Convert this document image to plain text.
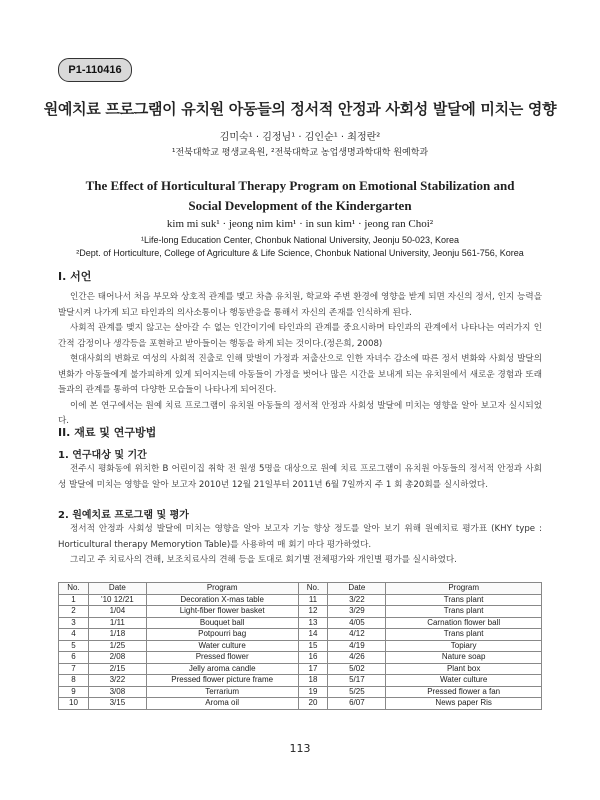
P1-110416
원예치료 프로그램이 유치원 아동들의 정서적 안정과 사회성 발달에 미치는 영향
김미숙¹ · 김정님¹ · 김인순¹ · 최정란²
¹전북대학교 평생교육원, ²전북대학교 농업생명과학대학 원예학과
The Effect of Horticultural Therapy Program on Emotional Stabilization and
Social Development of the Kindergarten
kim mi suk¹ · jeong nim kim¹ · in sun kim¹ · jeong ran Choi²
¹Life-long Education Center, Chonbuk National University, Jeonju 50-023, Korea
²Dept. of Horticulture, College of Agriculture & Life Science, Chonbuk National University, Jeonju 561-756, Korea
I. 서언

인간은 태어나서 처음 부모와 상호적 관계를 맺고 차츰 유치원, 학교와 주변 환경에 영향을 받게 되면 자신의 정서, 인지 능력을 발달시켜 나가게 되고 타인과의 의사소통이나 행동반응을 통해서 자신의 존재를 인식하게 된다.

사회적 관계를 맺지 않고는 살아갈 수 없는 인간이기에 타인과의 관계를 중요시하며 타인과의 관계에서 나타나는 여러가지 인간적 감정이나 생각등을 포현하고 받아들이는 행동을 하게 되는 것이다.(정은희, 2008)

현대사회의 변화로 여성의 사회적 진출로 인해 맞벌이 가정과 저출산으로 인한 자녀수 감소에 따른 정서 변화와 사회성 발달의 변화가 아동들에게 불가피하게 있게 되어지는데 아동들이 가정을 벗어나 많은 시간을 보내게 되는 유치원에서 새로운 경험과 또래들과의 관계를 통하여 다양한 모습들이 나타나게 되어진다.

이에 본 연구에서는 원예 치료 프로그램이 유치원 아동들의 정서적 안정과 사회성 발달에 미치는 영향을 알아 보고자 실시되었다.

II. 재료 및 연구방법
1. 연구대상 및 기간

전주시 평화동에 위치한 B 어린이집 취학 전 원생 5명을 대상으로 원예 치료 프로그램이 유치원 아동들의 정서적 안정과 사회성 발달에 미치는 영향을 알아 보고자 2010년 12월 21일부터 2011년 6월 7일까지 주 1 회 총20회를 실시하였다.

2. 원예치료 프로그램 및 평가

정서적 안정과 사회성 발달에 미치는 영향을 알아 보고자 기능 향상 정도를 알아 보기 위해 원예치료 평가표 (KHY type : Horticultural therapy Memorytion Table)를 사용하여 매 회기 마다 평가하였다.

그리고 주 치료사의 견해, 보조치료사의 견해 등을 토대로 회기별 전체평가와 개인별 평가를 실시하였다.

No.	Date	Program	No.	Date	Program
1	'10 12/21	Decoration X-mas table	11	3/22	Trans plant
2	1/04	Light-fiber flower basket	12	3/29	Trans plant
3	1/11	Bouquet ball	13	4/05	Carnation flower ball
4	1/18	Potpourri bag	14	4/12	Trans plant
5	1/25	Water culture	15	4/19	Topiary
6	2/08	Pressed flower	16	4/26	Nature soap
7	2/15	Jelly aroma candle	17	5/02	Plant box
8	3/22	Pressed flower picture frame	18	5/17	Water culture
9	3/08	Terrarium	19	5/25	Pressed flower a fan
10	3/15	Aroma oil	20	6/07	News paper Ris
113
